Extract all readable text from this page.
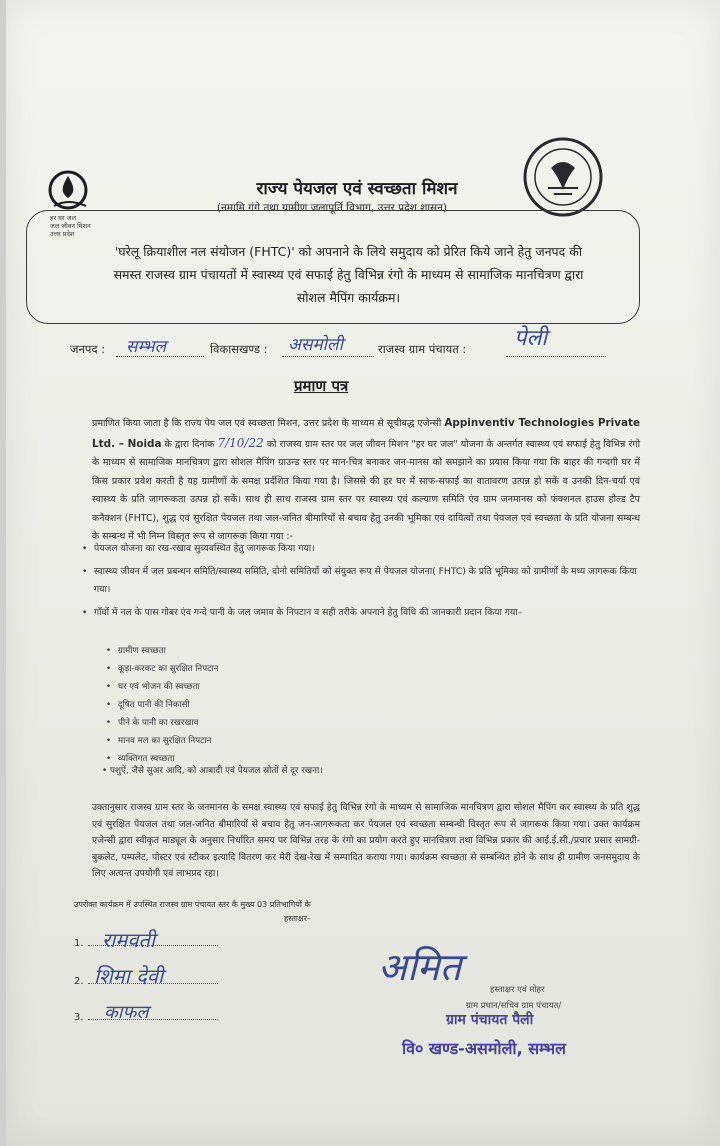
हर घर जल
जल जीवन मिशन
उत्तर प्रदेश
राज्य पेयजल एवं स्वच्छता मिशन
(नमामि गंगे तथा ग्रामीण जलापूर्ति विभाग, उत्तर प्रदेश शासन)
'घरेलू क्रियाशील नल संयोजन (FHTC)' को अपनाने के लिये समुदाय को प्रेरित किये जाने हेतु जनपद की
समस्त राजस्व ग्राम पंचायतों में स्वास्थ्य एवं सफाई हेतु विभिन्न रंगो के माध्यम से सामाजिक मानचित्रण द्वारा
सोशल मैपिंग कार्यक्रम।
जनपद : सम्भल	विकासखण्ड : असमोली	राजस्व ग्राम पंचायत : पेली
प्रमाण पत्र
प्रमाणित किया जाता है कि राज्य पेय जल एवं स्वच्छता मिशन, उत्तर प्रदेश के माध्यम से सूचीबद्ध एजेन्सी Appinventiv Technologies Private Ltd. – Noida के द्वारा दिनांक 7/10/22 को राजस्व ग्राम स्तर पर जल जीवन मिशन "हर घर जल" योजना के अन्तर्गत स्वास्थ्य एवं सफाई हेतु विभिन्न रंगो के माध्यम से सामाजिक मानचित्रण द्वारा सोशल मैपिंग ग्राउन्ड स्तर पर मान-चित्र बनाकर जन-मानस को समझाने का प्रयास किया गया कि बाहर की गन्दगी घर में किस प्रकार प्रवेश करती है यह ग्रामीणों के समक्ष प्रर्दशित किया गया है। जिससे की हर घर में साफ-सफाई का वातावरण उत्पन्न हो सकें व उनकी दिन-चर्या एवं स्वास्थ्य के प्रति जागरूकता उत्पन्न हो सकें। साथ ही साथ राजस्व ग्राम स्तर पर स्वास्थ्य एवं कल्याण समिति एंव ग्राम जनमानस को फंक्शनल हाउस होल्ड टैप कनैक्शन (FHTC), शुद्ध एवं सुरक्षित पेयजल तथा जल-जनित बीमारियों से बचाव हेतु उनकी भूमिका एवं दायित्वों तथा पेयजल एवं स्वच्छता के प्रति योजना सम्बन्ध के सम्बन्ध में भी निम्न विस्तृत रूप से जागरूक किया गया :-
• पेयजल योजना का रख-रखाव सुव्यवस्थित हेतु जागरूक किया गया।
• स्वास्थ्य जीवन में जल प्रबन्धन समिति/स्वास्थ्य समिति, दोनो समितियों को संयुक्त रूप से पेयजल योजना( FHTC) के प्रति भूमिका को ग्रामीणों के मध्य जागरूक किया गया।
• गाँवों में नल के पास गोबर एंव गन्दे पानी के जल जमाव के निपटान व सही तरीके अपनाने हेतु विधि की जानकारी प्रदान किया गया–
• ग्रामीण स्वच्छता
• कूड़ा-करकट का सुरक्षित निपटान
• घर एवं भोजन की स्वच्छता
• दूषित पानी की निकासी
• पीने के पानी का रखरखाव
• मानव मल का सुरक्षित निपटान
• व्यक्तिगत स्वच्छता
• पशुऐं, जैसे सुअर आदि, को आबादी एवं पेयजल स्रोतों से दूर रखना।
उक्तानुसार राजस्व ग्राम स्तर के जनमानस के समक्ष स्वास्थ्य एवं सफाई हेतु विभिन्न रंगो के माध्यम से सामाजिक मानचित्रण द्वारा सोशल मैपिंग कर स्वास्थ्य के प्रति शुद्ध एवं सुरक्षित पेयजल तथा जल-जनित बीमारियों से बचाव हेतु जन-जागरूकता कर पेयजल एवं स्वच्छता सम्बन्धी विस्तृत रूप से जागरूक किया गया। उक्त कार्यक्रम एजेन्सी द्वारा स्वीकृत माड्यूल के अनुसार निर्धारित समय पर विभिन्न तरह के रंगो का प्रयोग करते हुए मानचित्रण तथा विभिन्न प्रकार की आई.ई.सी./प्रचार प्रसार सामग्री-बुकलेट, पम्पलेट, पोस्टर एवं स्टीकर इत्यादि वितरण कर मेरी देख-रेख में सम्पादित कराया गया। कार्यक्रम स्वच्छता से सम्बन्धित होने के साथ ही ग्रामीण जनसमुदाय के लिए अत्यन्त उपयोगी एवं लाभप्रद रहा।
उपरोक्त कार्यक्रम में उपस्थित राजस्व ग्राम पंचायत स्तर के मुख्य 03 प्रतिभागियों के
हस्ताक्षर–
1. रामवती
2. शिमा देवी
3. काफल
अमित
हस्ताक्षर एवं मोहर
ग्राम प्रधान/सचिव ग्राम पंचायत/
ग्राम पंचायत पैली
वि० खण्ड-असमोली, सम्भल
